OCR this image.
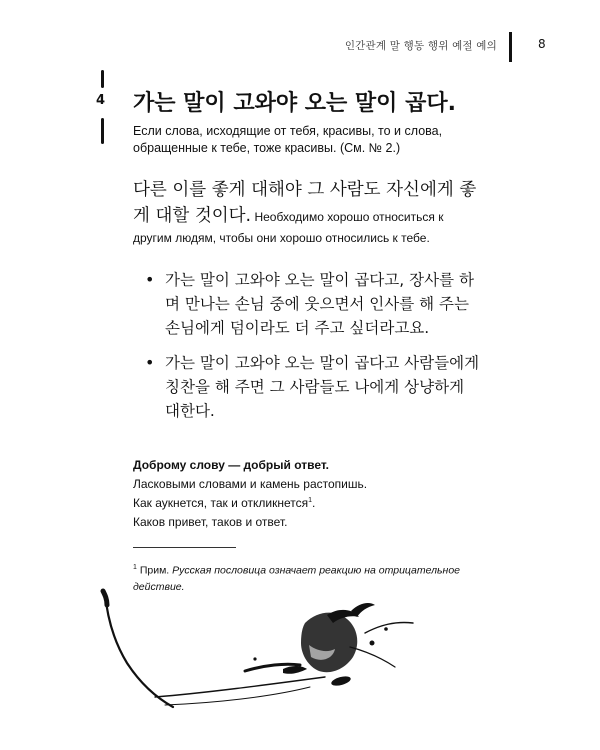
인간관계 말 행동 행위 예절 예의	8
4 가는 말이 고와야 오는 말이 곱다.

Если слова, исходящие от тебя, красивы, то и слова, обращенные к тебе, тоже красивы. (См. № 2.)

다른 이를 좋게 대해야 그 사람도 자신에게 좋게 대할 것이다. Необходимо хорошо относиться к другим людям, чтобы они хорошо относились к тебе.

• 가는 말이 고와야 오는 말이 곱다고, 장사를 하며 만나는 손님 중에 웃으면서 인사를 해 주는 손님에게 덤이라도 더 주고 싶더라고요.
• 가는 말이 고와야 오는 말이 곱다고 사람들에게 칭찬을 해 주면 그 사람들도 나에게 상냥하게 대한다.
Доброму слову — добрый ответ.
Ласковыми словами и камень растопишь.
Как аукнется, так и откликнется$^1$.
Каков привет, таков и ответ.
$^1$ Прим. Русская пословица означает реакцию на отрицательное действие.
